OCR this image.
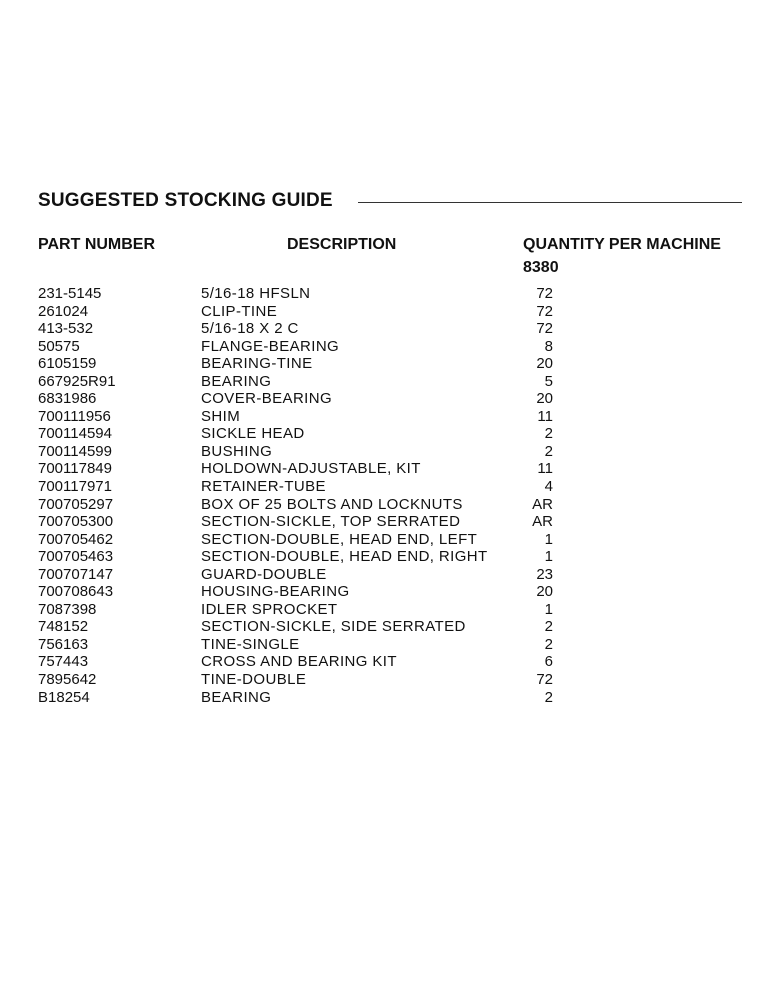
SUGGESTED STOCKING GUIDE
PART NUMBER	DESCRIPTION	QUANTITY PER MACHINE
8380
231-5145	5/16-18 HFSLN	72
261024	CLIP-TINE	72
413-532	5/16-18 X 2 C	72
50575	FLANGE-BEARING	8
6105159	BEARING-TINE	20
667925R91	BEARING	5
6831986	COVER-BEARING	20
700111956	SHIM	11
700114594	SICKLE HEAD	2
700114599	BUSHING	2
700117849	HOLDOWN-ADJUSTABLE, KIT	11
700117971	RETAINER-TUBE	4
700705297	BOX OF 25 BOLTS AND LOCKNUTS	AR
700705300	SECTION-SICKLE, TOP SERRATED	AR
700705462	SECTION-DOUBLE, HEAD END, LEFT	1
700705463	SECTION-DOUBLE, HEAD END, RIGHT	1
700707147	GUARD-DOUBLE	23
700708643	HOUSING-BEARING	20
7087398	IDLER SPROCKET	1
748152	SECTION-SICKLE, SIDE SERRATED	2
756163	TINE-SINGLE	2
757443	CROSS AND BEARING KIT	6
7895642	TINE-DOUBLE	72
B18254	BEARING	2
